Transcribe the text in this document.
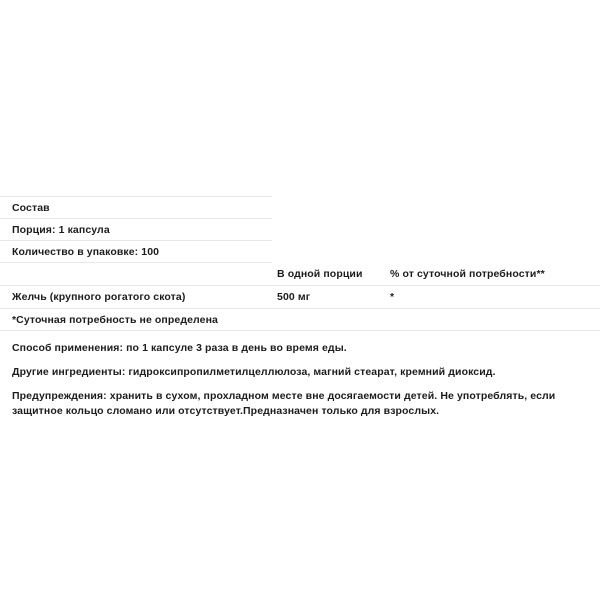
Состав
Порция: 1 капсула
Количество в упаковке: 100
	В одной порции	% от суточной потребности**
Желчь (крупного рогатого скота)	500 мг	*
*Суточная потребность не определена		

Способ применения: по 1 капсуле 3 раза в день во время еды.

Другие ингредиенты: гидроксипропилметилцеллюлоза, магний стеарат, кремний диоксид.

Предупреждения: хранить в сухом, прохладном месте вне досягаемости детей. Не употреблять, если защитное кольцо сломано или отсутствует.Предназначен только для взрослых.
